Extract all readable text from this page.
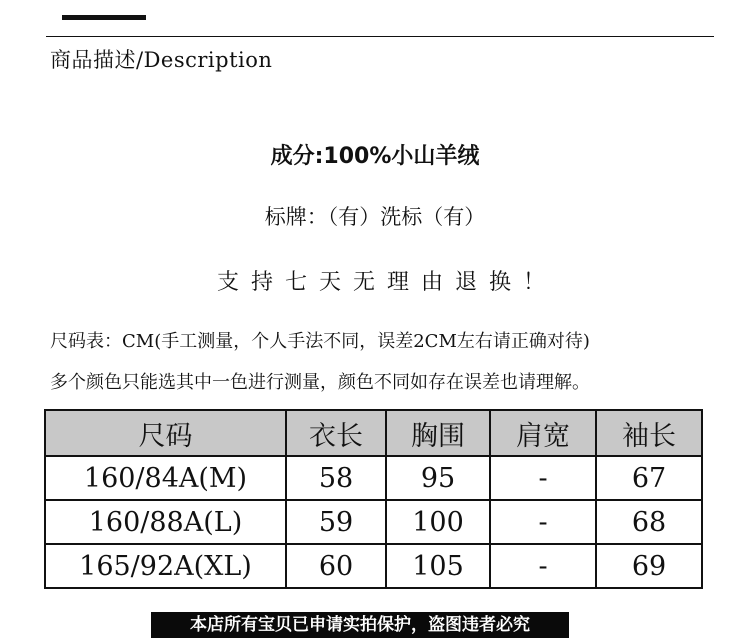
商品描述/Description
成分:100%小山羊绒
标牌：（有）洗标（有）
支持七天无理由退换！
尺码表：CM(手工测量，个人手法不同，误差2CM左右请正确对待)
多个颜色只能选其中一色进行测量，颜色不同如存在误差也请理解。
尺码	衣长	胸围	肩宽	袖长
160/84A(M)	58	95	-	67
160/88A(L)	59	100	-	68
165/92A(XL)	60	105	-	69
本店所有宝贝已申请实拍保护，盗图违者必究
